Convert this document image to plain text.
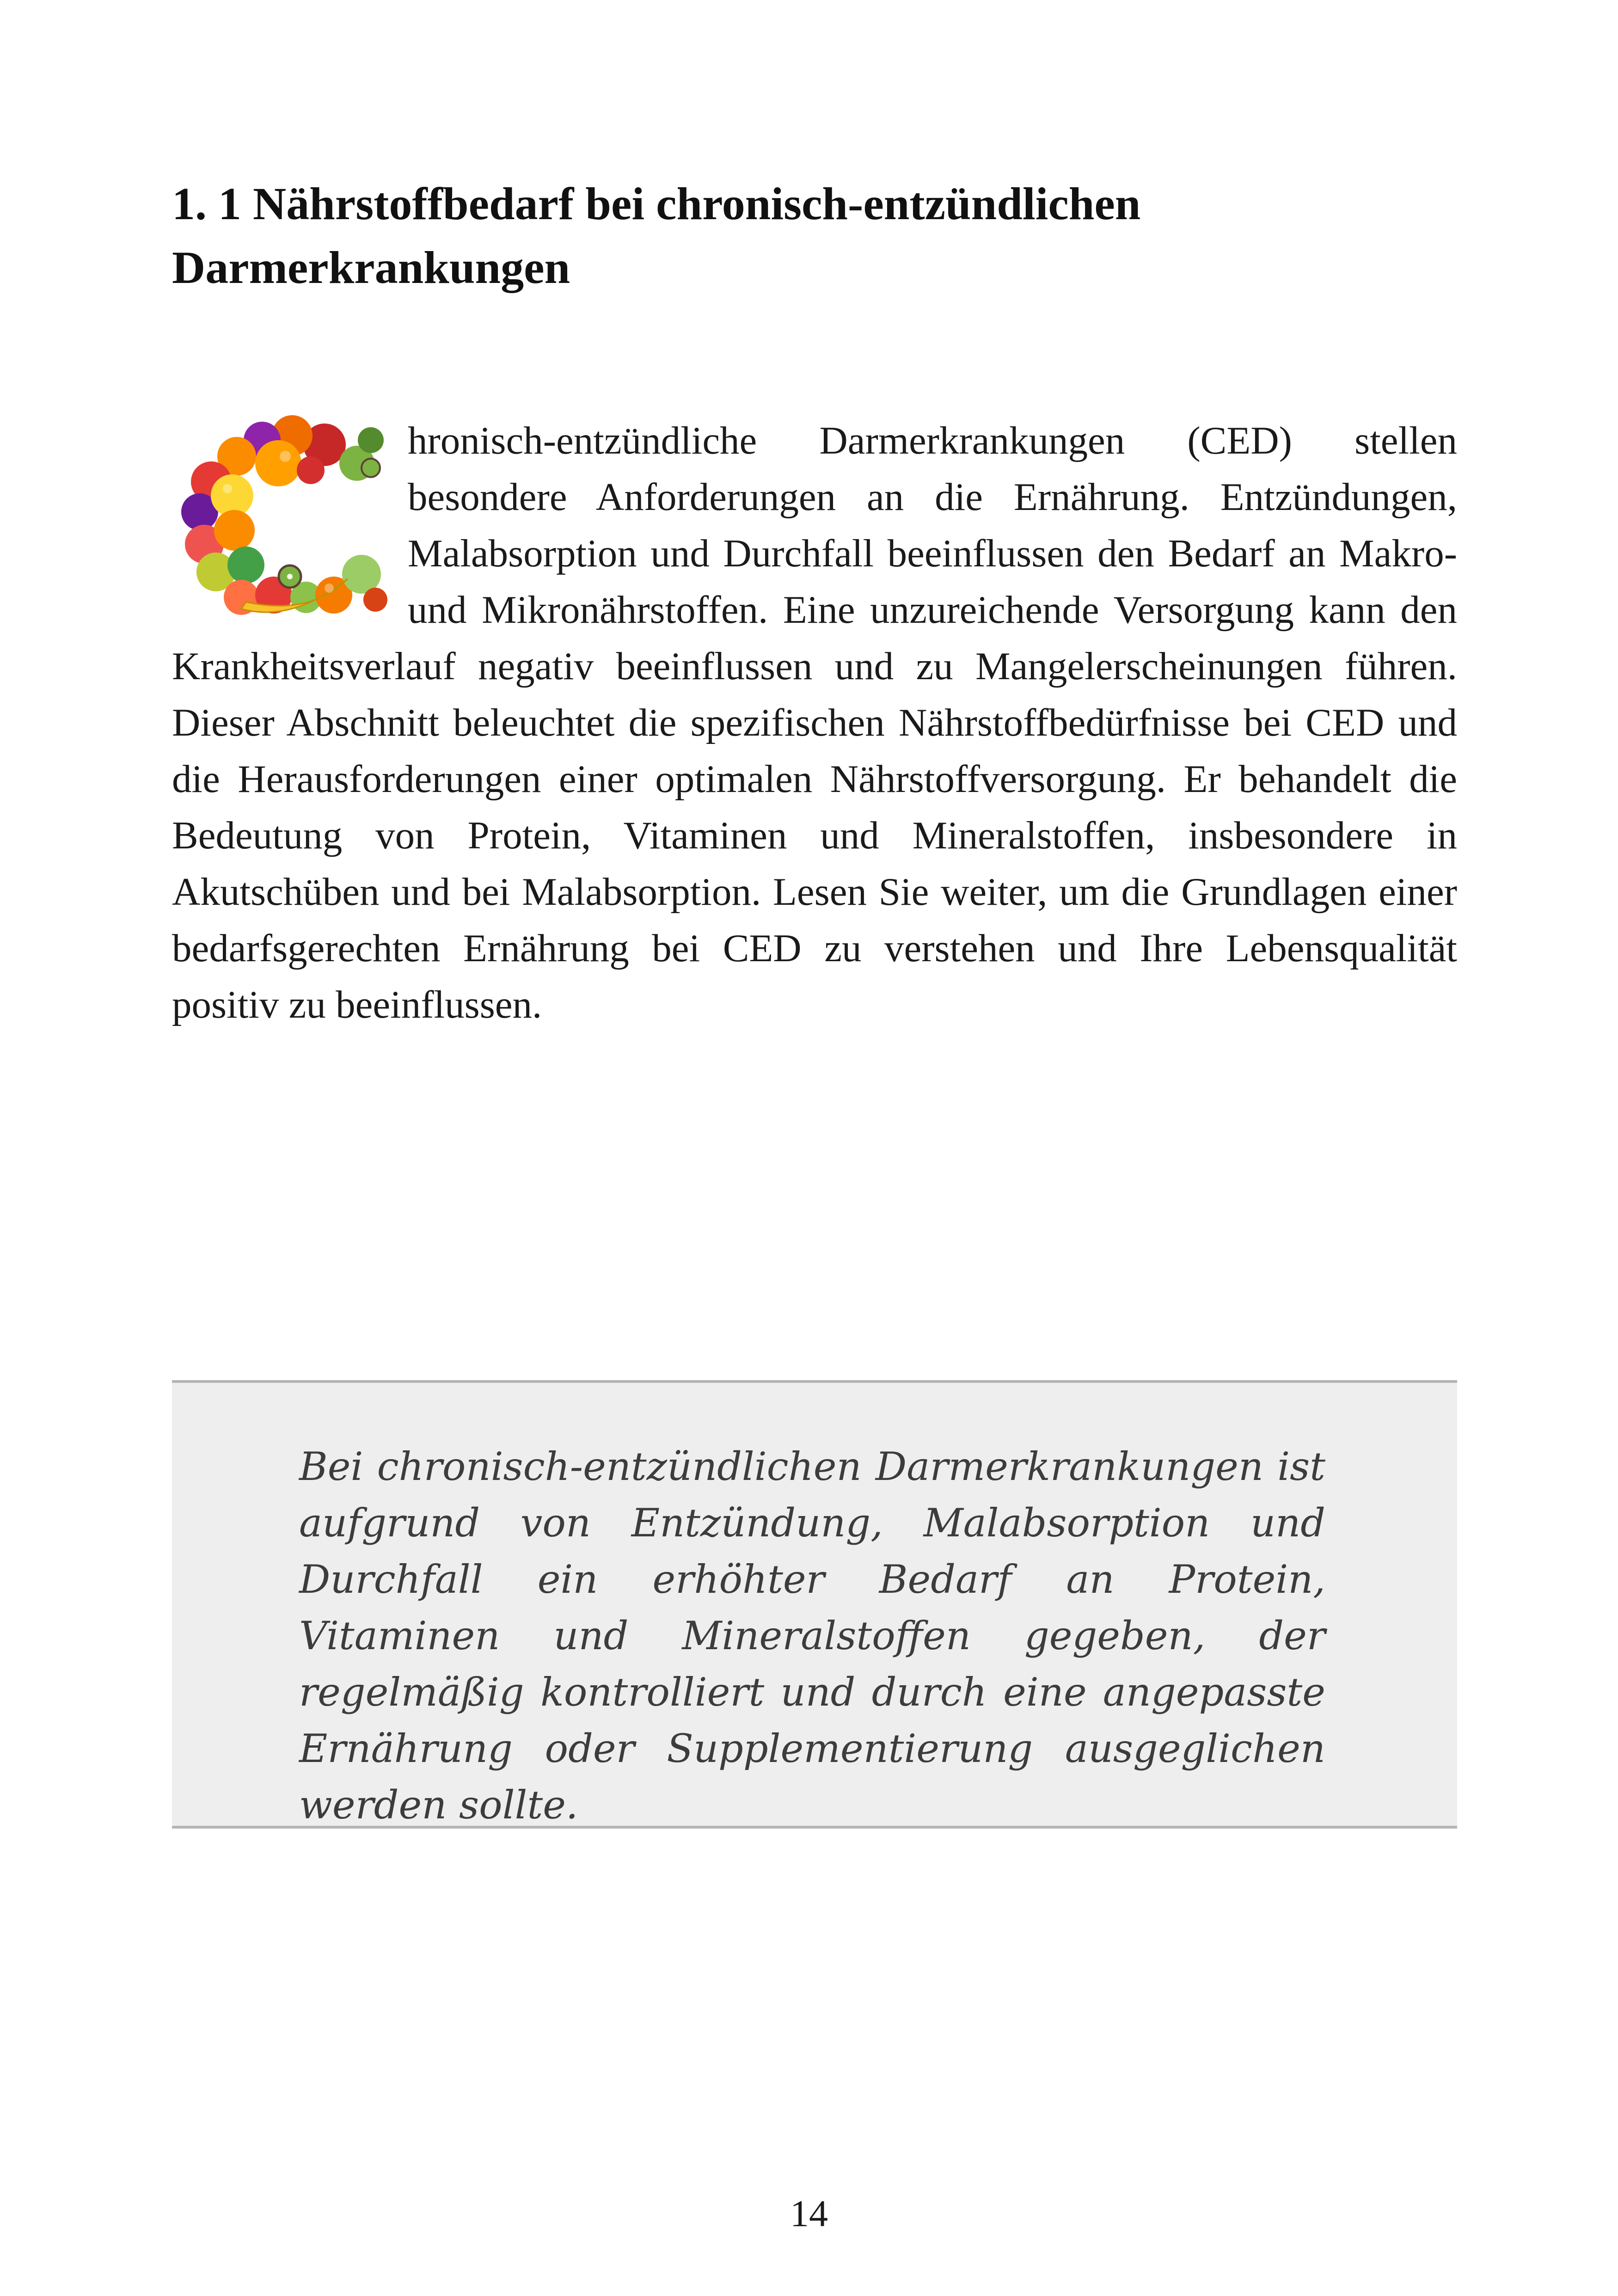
1. 1 Nährstoffbedarf bei chronisch-entzündlichen Darmerkrankungen
hronisch-entzündliche Darmerkrankungen (CED) stellen besondere Anforderungen an die Ernährung. Entzündungen, Malabsorption und Durchfall beeinflussen den Bedarf an Makro- und Mikronährstoffen. Eine unzureichende Versorgung kann den Krankheitsverlauf negativ beeinflussen und zu Mangelerscheinungen führen. Dieser Abschnitt beleuchtet die spezifischen Nährstoffbedürfnisse bei CED und die Herausforderungen einer optimalen Nährstoffversorgung. Er behandelt die Bedeutung von Protein, Vitaminen und Mineralstoffen, insbesondere in Akutschüben und bei Malabsorption. Lesen Sie weiter, um die Grundlagen einer bedarfsgerechten Ernährung bei CED zu verstehen und Ihre Lebensqualität positiv zu beeinflussen.

Bei chronisch-entzündlichen Darmerkrankungen ist aufgrund von Entzündung, Malabsorption und Durchfall ein erhöhter Bedarf an Protein, Vitaminen und Mineralstoffen gegeben, der regelmäßig kontrolliert und durch eine angepasste Ernährung oder Supplementierung ausgeglichen werden sollte.

14
